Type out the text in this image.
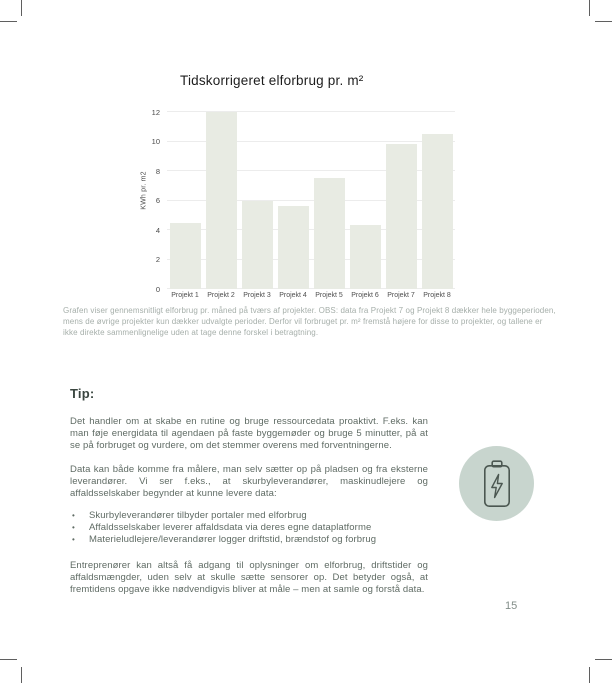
Tidskorrigeret elforbrug pr. m²
KWh pr. m2
0
2
4
6
8
10
12
Projekt 1	Projekt 2	Projekt 3	Projekt 4	Projekt 5	Projekt 6	Projekt 7	Projekt 8

Grafen viser gennemsnitligt elforbrug pr. måned på tværs af projekter. OBS: data fra Projekt 7 og Projekt 8 dækker hele byggeperioden, mens de øvrige projekter kun dækker udvalgte perioder. Derfor vil forbruget pr. m² fremstå højere for disse to projekter, og tallene er ikke direkte sammenlignelige uden at tage denne forskel i betragtning.

Tip:

Det handler om at skabe en rutine og bruge ressourcedata proaktivt. F.eks. kan man føje energidata til agendaen på faste byggemøder og bruge 5 minutter, på at se på forbruget og vurdere, om det stemmer overens med forventningerne.

Data kan både komme fra målere, man selv sætter op på pladsen og fra eksterne leverandører. Vi ser f.eks., at skurbyleverandører, maskinudlejere og affaldsselskaber begynder at kunne levere data:

• Skurbyleverandører tilbyder portaler med elforbrug
• Affaldsselskaber leverer affaldsdata via deres egne dataplatforme
• Materieludlejere/leverandører logger driftstid, brændstof og forbrug

Entreprenører kan altså få adgang til oplysninger om elforbrug, driftstider og affaldsmængder, uden selv at skulle sætte sensorer op. Det betyder også, at fremtidens opgave ikke nødvendigvis bliver at måle – men at samle og forstå data.

15
